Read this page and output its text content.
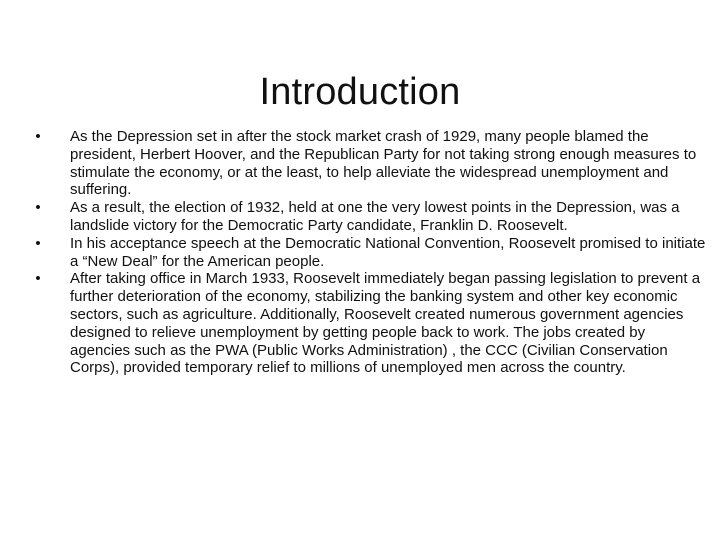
Introduction
• As the Depression set in after the stock market crash of 1929, many people blamed the president, Herbert Hoover, and the Republican Party for not taking strong enough measures to stimulate the economy, or at the least, to help alleviate the widespread unemployment and suffering.
• As a result, the election of 1932, held at one the very lowest points in the Depression, was a landslide victory for the Democratic Party candidate, Franklin D. Roosevelt.
• In his acceptance speech at the Democratic National Convention, Roosevelt promised to initiate a “New Deal” for the American people.
• After taking office in March 1933, Roosevelt immediately began passing legislation to prevent a further deterioration of the economy, stabilizing the banking system and other key economic sectors, such as agriculture. Additionally, Roosevelt created numerous government agencies designed to relieve unemployment by getting people back to work. The jobs created by agencies such as the PWA (Public Works Administration) , the CCC (Civilian Conservation Corps), provided temporary relief to millions of unemployed men across the country.
